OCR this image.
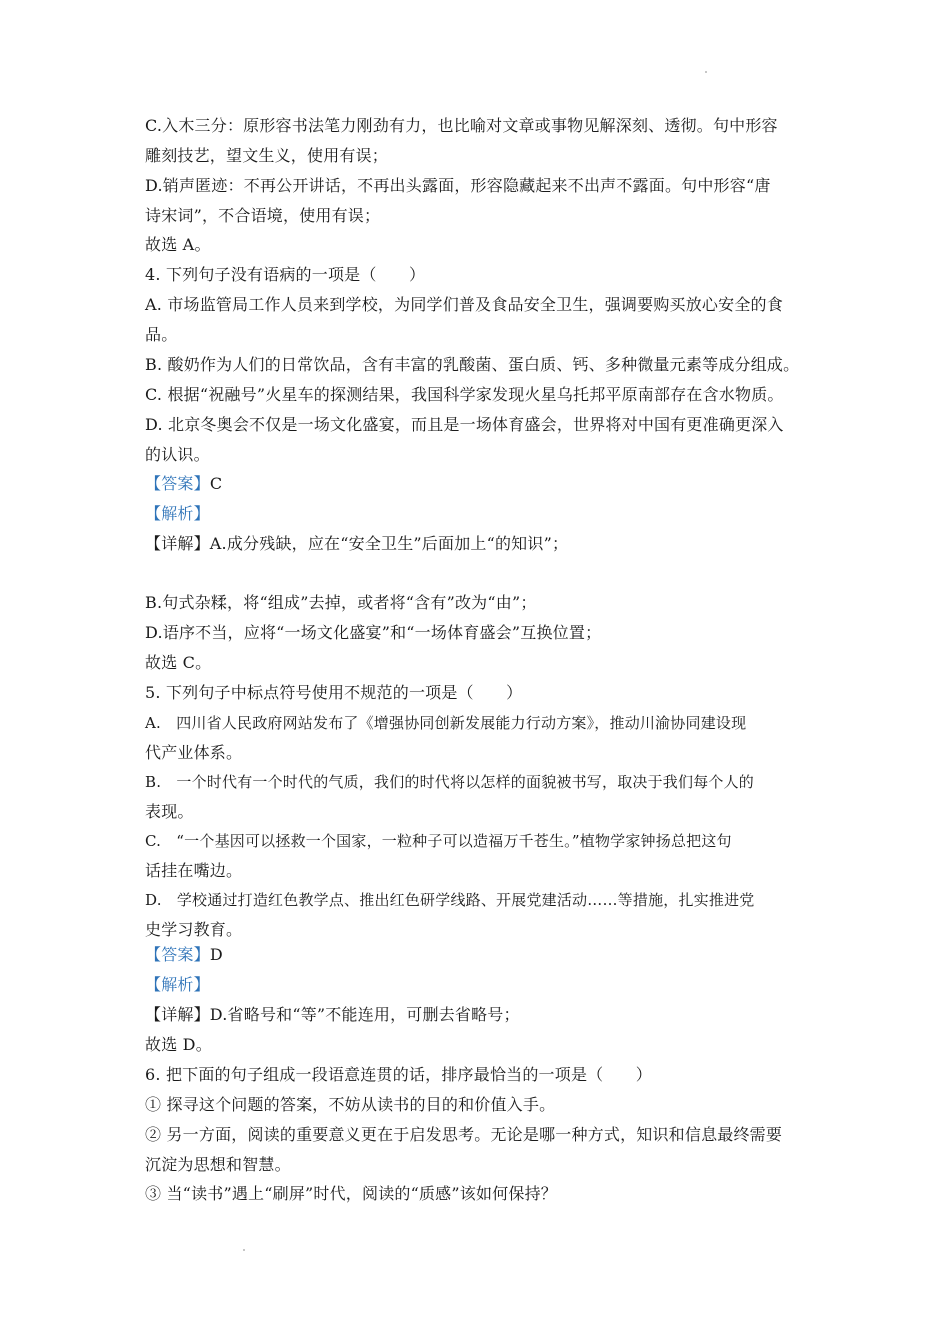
C.入木三分：原形容书法笔力刚劲有力，也比喻对文章或事物见解深刻、透彻。句中形容
雕刻技艺，望文生义，使用有误；
D.销声匿迹：不再公开讲话，不再出头露面，形容隐藏起来不出声不露面。句中形容“唐
诗宋词”，不合语境，使用有误；
故选 A。
4. 下列句子没有语病的一项是（　　）
A. 市场监管局工作人员来到学校，为同学们普及食品安全卫生，强调要购买放心安全的食
品。
B. 酸奶作为人们的日常饮品，含有丰富的乳酸菌、蛋白质、钙、多种微量元素等成分组成。
C. 根据“祝融号”火星车的探测结果，我国科学家发现火星乌托邦平原南部存在含水物质。
D. 北京冬奥会不仅是一场文化盛宴，而且是一场体育盛会，世界将对中国有更准确更深入
的认识。
【答案】C
【解析】
【详解】A.成分残缺，应在“安全卫生”后面加上“的知识”；
B.句式杂糅，将“组成”去掉，或者将“含有”改为“由”；
D.语序不当，应将“一场文化盛宴”和“一场体育盛会”互换位置；
故选 C。
5. 下列句子中标点符号使用不规范的一项是（　　）
A.　四川省人民政府网站发布了《增强协同创新发展能力行动方案》，推动川渝协同建设现
代产业体系。
B.　一个时代有一个时代的气质，我们的时代将以怎样的面貌被书写，取决于我们每个人的
表现。
C.　“一个基因可以拯救一个国家，一粒种子可以造福万千苍生。”植物学家钟扬总把这句
话挂在嘴边。
D.　学校通过打造红色教学点、推出红色研学线路、开展党建活动……等措施，扎实推进党
史学习教育。
【答案】D
【解析】
【详解】D.省略号和“等”不能连用，可删去省略号；
故选 D。
6. 把下面的句子组成一段语意连贯的话，排序最恰当的一项是（　　）
① 探寻这个问题的答案，不妨从读书的目的和价值入手。
② 另一方面，阅读的重要意义更在于启发思考。无论是哪一种方式，知识和信息最终需要
沉淀为思想和智慧。
③ 当“读书”遇上“刷屏”时代，阅读的“质感”该如何保持？
